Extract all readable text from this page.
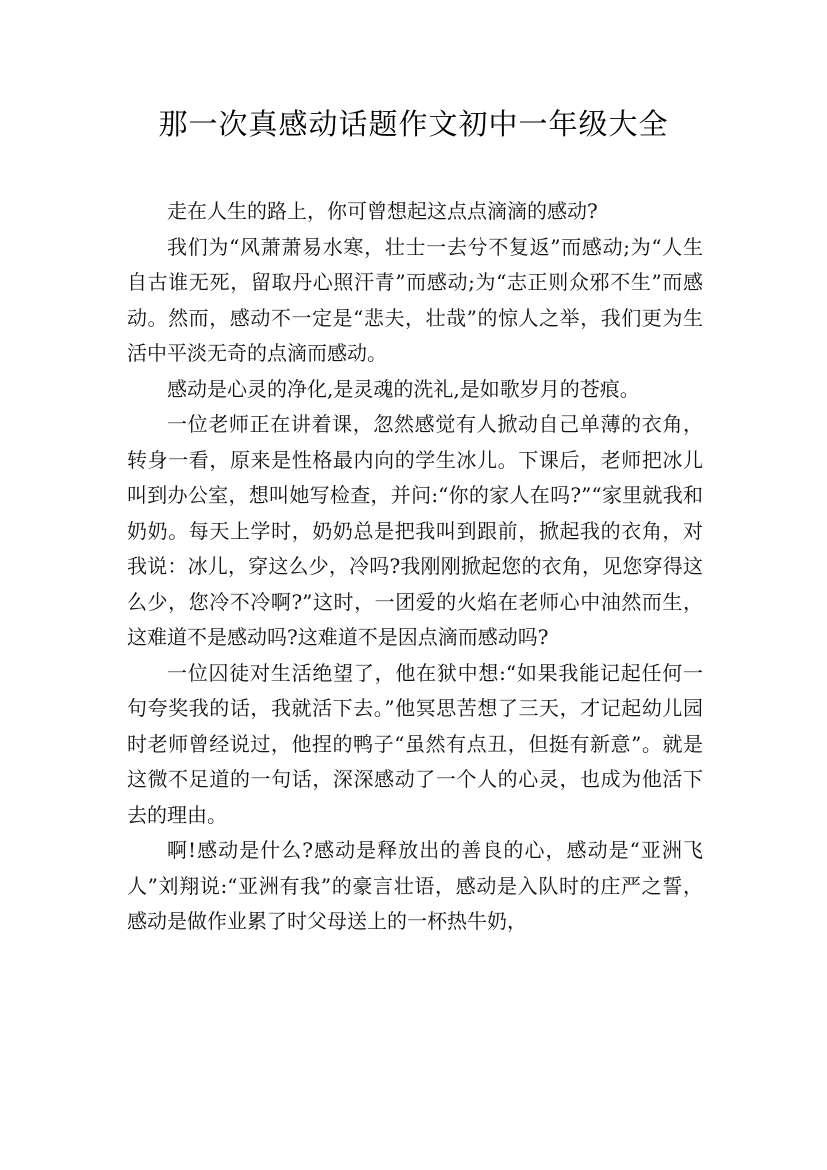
那一次真感动话题作文初中一年级大全

走在人生的路上，你可曾想起这点点滴滴的感动?

我们为“风萧萧易水寒，壮士一去兮不复返”而感动;为“人生自古谁无死，留取丹心照汗青”而感动;为“志正则众邪不生”而感动。然而，感动不一定是“悲夫，壮哉”的惊人之举，我们更为生活中平淡无奇的点滴而感动。

感动是心灵的净化,是灵魂的洗礼,是如歌岁月的苍痕。

一位老师正在讲着课，忽然感觉有人掀动自己单薄的衣角，转身一看，原来是性格最内向的学生冰儿。下课后，老师把冰儿叫到办公室，想叫她写检查，并问:“你的家人在吗?”“家里就我和奶奶。每天上学时，奶奶总是把我叫到跟前，掀起我的衣角，对我说：冰儿，穿这么少，冷吗?我刚刚掀起您的衣角，见您穿得这么少，您冷不冷啊?”这时，一团爱的火焰在老师心中油然而生，这难道不是感动吗?这难道不是因点滴而感动吗?

一位囚徒对生活绝望了，他在狱中想:“如果我能记起任何一句夸奖我的话，我就活下去。”他冥思苦想了三天，才记起幼儿园时老师曾经说过，他捏的鸭子“虽然有点丑，但挺有新意”。就是这微不足道的一句话，深深感动了一个人的心灵，也成为他活下去的理由。

啊!感动是什么?感动是释放出的善良的心，感动是“亚洲飞人”刘翔说:“亚洲有我”的豪言壮语，感动是入队时的庄严之誓，感动是做作业累了时父母送上的一杯热牛奶，
